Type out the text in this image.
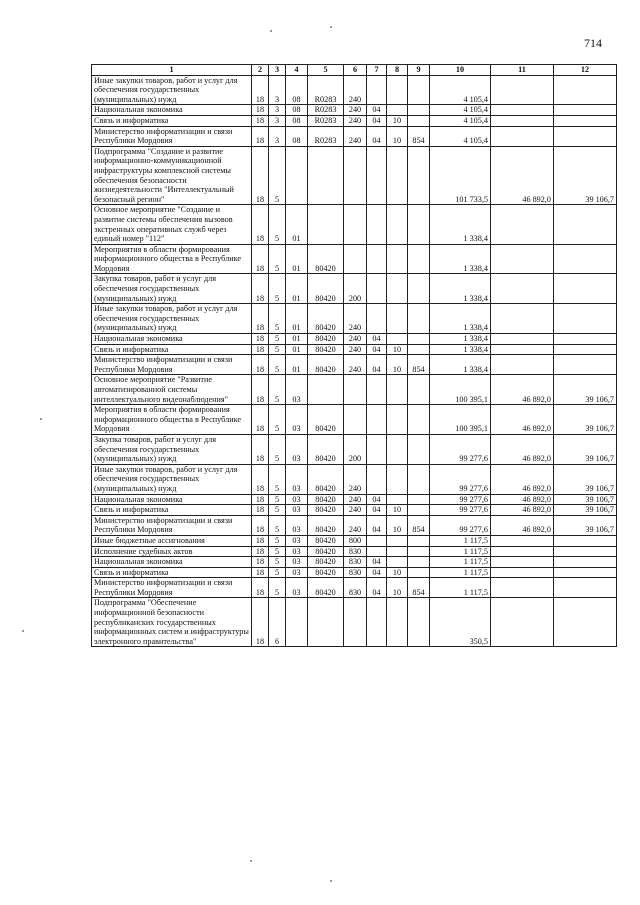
714
1	2	3	4	5	6	7	8	9	10	11	12
Иные закупки товаров, работ и услуг для обеспечения государственных (муниципальных) нужд	18	3	08	R0283	240				4 105,4		
Национальная экономика	18	3	08	R0283	240	04			4 105,4		
Связь и информатика	18	3	08	R0283	240	04	10		4 105,4		
Министерство информатизации и связи Республики Мордовия	18	3	08	R0283	240	04	10	854	4 105,4		
Подпрограмма "Создание и развитие информационно-коммуникационной инфраструктуры комплексной системы обеспечения безопасности жизнедеятельности "Интеллектуальный безопасный регион"	18	5							101 733,5	46 892,0	39 106,7
Основное мероприятие "Создание и развитие системы обеспечения вызовов экстренных оперативных служб через единый номер "112"	18	5	01						1 338,4		
Мероприятия в области формирования информационного общества в Республике Мордовия	18	5	01	80420					1 338,4		
Закупка товаров, работ и услуг для обеспечения государственных (муниципальных) нужд	18	5	01	80420	200				1 338,4		
Иные закупки товаров, работ и услуг для обеспечения государственных (муниципальных) нужд	18	5	01	80420	240				1 338,4		
Национальная экономика	18	5	01	80420	240	04			1 338,4		
Связь и информатика	18	5	01	80420	240	04	10		1 338,4		
Министерство информатизации и связи Республики Мордовия	18	5	01	80420	240	04	10	854	1 338,4		
Основное мероприятие "Развитие автоматизированной системы интеллектуального видеонаблюдения"	18	5	03						100 395,1	46 892,0	39 106,7
Мероприятия в области формирования информационного общества в Республике Мордовия	18	5	03	80420					100 395,1	46 892,0	39 106,7
Закупка товаров, работ и услуг для обеспечения государственных (муниципальных) нужд	18	5	03	80420	200				99 277,6	46 892,0	39 106,7
Иные закупки товаров, работ и услуг для обеспечения государственных (муниципальных) нужд	18	5	03	80420	240				99 277,6	46 892,0	39 106,7
Национальная экономика	18	5	03	80420	240	04			99 277,6	46 892,0	39 106,7
Связь и информатика	18	5	03	80420	240	04	10		99 277,6	46 892,0	39 106,7
Министерство информатизации и связи Республики Мордовия	18	5	03	80420	240	04	10	854	99 277,6	46 892,0	39 106,7
Иные бюджетные ассигнования	18	5	03	80420	800				1 117,5		
Исполнение судебных актов	18	5	03	80420	830				1 117,5		
Национальная экономика	18	5	03	80420	830	04			1 117,5		
Связь и информатика	18	5	03	80420	830	04	10		1 117,5		
Министерство информатизации и связи Республики Мордовия	18	5	03	80420	830	04	10	854	1 117,5		
Подпрограмма "Обеспечение информационной безопасности республиканских государственных информационных систем и инфраструктуры электронного правительства"	18	6							350,5		
